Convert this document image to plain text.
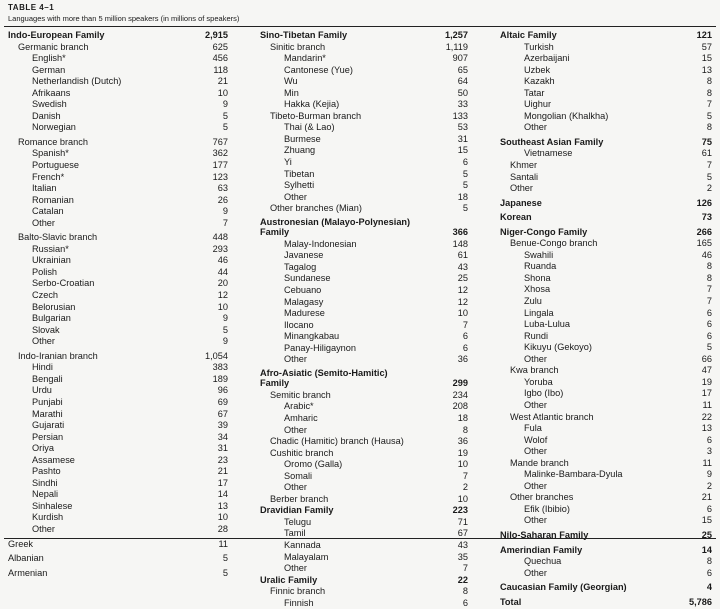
TABLE 4–1
Languages with more than 5 million speakers (in millions of speakers)
Indo-European Family	2,915
Germanic branch	625
English*	456
German	118
Netherlandish (Dutch)	21
Afrikaans	10
Swedish	9
Danish	5
Norwegian	5
Romance branch	767
Spanish*	362
Portuguese	177
French*	123
Italian	63
Romanian	26
Catalan	9
Other	7
Balto-Slavic branch	448
Russian*	293
Ukrainian	46
Polish	44
Serbo-Croatian	20
Czech	12
Belorusian	10
Bulgarian	9
Slovak	5
Other	9
Indo-Iranian branch	1,054
Hindi	383
Bengali	189
Urdu	96
Punjabi	69
Marathi	67
Gujarati	39
Persian	34
Oriya	31
Assamese	23
Pashto	21
Sindhi	17
Nepali	14
Sinhalese	13
Kurdish	10
Other	28
Greek	11
Albanian	5
Armenian	5
Sino-Tibetan Family	1,257
Sinitic branch	1,119
Mandarin*	907
Cantonese (Yue)	65
Wu	64
Min	50
Hakka (Kejia)	33
Tibeto-Burman branch	133
Thai (& Lao)	53
Burmese	31
Zhuang	15
Yi	6
Tibetan	5
Sylhetti	5
Other	18
Other branches (Mian)	5
Austronesian (Malayo-Polynesian)
Family	366
Malay-Indonesian	148
Javanese	61
Tagalog	43
Sundanese	25
Cebuano	12
Malagasy	12
Madurese	10
Ilocano	7
Minangkabau	6
Panay-Hiligaynon	6
Other	36
Afro-Asiatic (Semito-Hamitic)
Family	299
Semitic branch	234
Arabic*	208
Amharic	18
Other	8
Chadic (Hamitic) branch (Hausa)	36
Cushitic branch	19
Oromo (Galla)	10
Somali	7
Other	2
Berber branch	10
Dravidian Family	223
Telugu	71
Tamil	67
Kannada	43
Malayalam	35
Other	7
Uralic Family	22
Finnic branch	8
Finnish	6
Altaic Family	121
Turkish	57
Azerbaijani	15
Uzbek	13
Kazakh	8
Tatar	8
Uighur	7
Mongolian (Khalkha)	5
Other	8
Southeast Asian Family	75
Vietnamese	61
Khmer	7
Santali	5
Other	2
Japanese	126
Korean	73
Niger-Congo Family	266
Benue-Congo branch	165
Swahili	46
Ruanda	8
Shona	8
Xhosa	7
Zulu	7
Lingala	6
Luba-Lulua	6
Rundi	6
Kikuyu (Gekoyo)	5
Other	66
Kwa branch	47
Yoruba	19
Igbo (Ibo)	17
Other	11
West Atlantic branch	22
Fula	13
Wolof	6
Other	3
Mande branch	11
Malinke-Bambara-Dyula	9
Other	2
Other branches	21
Efik (Ibibio)	6
Other	15
Nilo-Saharan Family	25
Amerindian Family	14
Quechua	8
Other	6
Caucasian Family (Georgian)	4
Total	5,786
